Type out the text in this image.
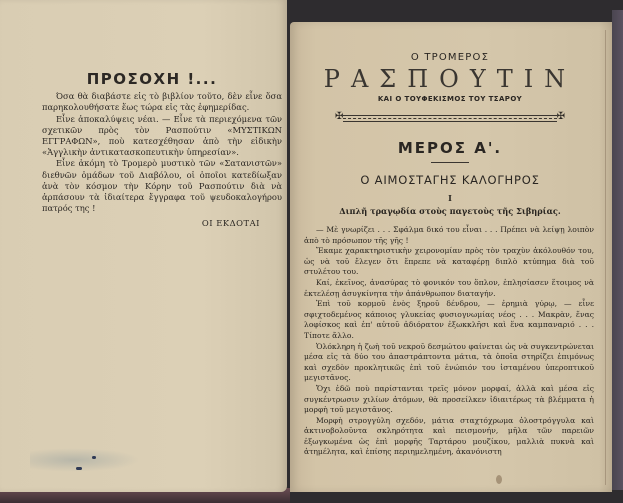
ΠΡΟΣΟΧΗ !...

Όσα θὰ διαβάστε εἰς τὸ βιβλίον τοῦτο, δὲν εἶνε ὅσα παρηκολουθήσατε ἕως τώρα εἰς τὰς ἐφημερίδας.

Εἶνε ἀποκαλύψεις νέαι. — Εἶνε τὰ περιεχόμενα τῶν σχετικῶν πρὸς τὸν Ρασπούτιν «ΜΥΣΤΙΚΩΝ ΕΓΓΡΑΦΩΝ», ποὺ κατεσχέθησαν ἀπὸ τὴν εἰδικὴν «Ἀγγλικὴν ἀντικατασκοπευτικὴν ὑπηρεσίαν».

Εἶνε ἀκόμη τὸ Τρομερὸ μυστικὸ τῶν «Σατανιστῶν» διεθνῶν ὁμάδων τοῦ Διαβόλου, οἱ ὁποῖοι κατεδίωξαν ἀνὰ τὸν κόσμον τὴν Κόρην τοῦ Ρασπούτιν διὰ νὰ ἁρπάσουν τὰ ἰδιαίτερα ἔγγραφα τοῦ ψευδοκαλογήρου πατρός της !

ΟΙ ΕΚΔΟΤΑΙ
Ο ΤΡΟΜΕΡΟΣ
ΡΑΣΠΟΥΤΙΝ
ΚΑΙ Ο ΤΟΥΦΕΚΙΣΜΟΣ ΤΟΥ ΤΣΑΡΟΥ
✠	✠
ΜΕΡΟΣ Α'.
Ο ΑΙΜΟΣΤΑΓΗΣ ΚΑΛΟΓΗΡΟΣ
I
Διπλῆ τραγῳδία στοὺς παγετοὺς τῆς Σιβηρίας.

— Μὲ γνωρίζει . . . Σφάλμα δικό του εἶναι . . . Πρέπει νὰ λείψῃ λοιπὸν ἀπὸ τὸ πρόσωπον τῆς γῆς !

Ἔκαμε χαρακτηριστικὴν χειρονομίαν πρὸς τὸν τραχὺν ἀκόλουθόν του, ὡς νὰ τοῦ ἔλεγεν ὅτι ἔπρεπε νὰ καταφέρῃ διπλὸ κτύπημα διὰ τοῦ στυλέτου του.

Καί, ἐκεῖνος, ἀνασύρας τὸ φονικόν του ὅπλον, ἐπλησίασεν ἕτοιμος νὰ ἐκτελέσῃ ἀσυγκίνητα τὴν ἀπάνθρωπον διαταγήν.

Ἐπὶ τοῦ κορμοῦ ἑνὸς ξηροῦ δένδρου, — ἐρημιὰ γύρῳ, — εἶνε σφιχτοδεμένος κάποιος γλυκείας φυσιογνωμίας νέος . . . Μακρὰν, ἕνας λοφίσκος καὶ ἐπ' αὐτοῦ ἀδιόρατον ἐξωκκλῆσι καὶ ἕνα καμπαναριό . . . Τίποτε ἄλλο.

Ὁλόκληρη ἡ ζωὴ τοῦ νεκροῦ δεσμώτου φαίνεται ὡς νὰ συγκεντρώνεται μέσα εἰς τὰ δύο του ἀπαστράπτοντα μάτια, τὰ ὁποῖα στηρίζει ἐπιμόνως καὶ σχεδὸν προκλητικῶς ἐπὶ τοῦ ἐνώπιόν του ἱσταμένου ὑπεροπτικοῦ μεγιστᾶνος.

Ὄχι ἐδῶ ποὺ παρίστανται τρεῖς μόνον μορφαί, ἀλλὰ καὶ μέσα εἰς συγκέντρωσιν χιλίων ἀτόμων, θὰ προσείλκεν ἰδιαιτέρως τὰ βλέμματα ἡ μορφὴ τοῦ μεγιστᾶνος.

Μορφὴ στρογγύλη σχεδόν, μάτια σταχτόχρωμα ὁλοστρόγγυλα καὶ ἀκτινοβολοῦντα σκληρότητα καὶ πεισμονήν, μῆλα τῶν παρειῶν ἐξωγκωμένα ὡς ἐπὶ μορφῆς Ταρτάρου μουζίκου, μαλλιὰ πυκνὰ καὶ ἀτημέλητα, καὶ ἐπίσης περιημελημένη, ἀκανόνιστη
